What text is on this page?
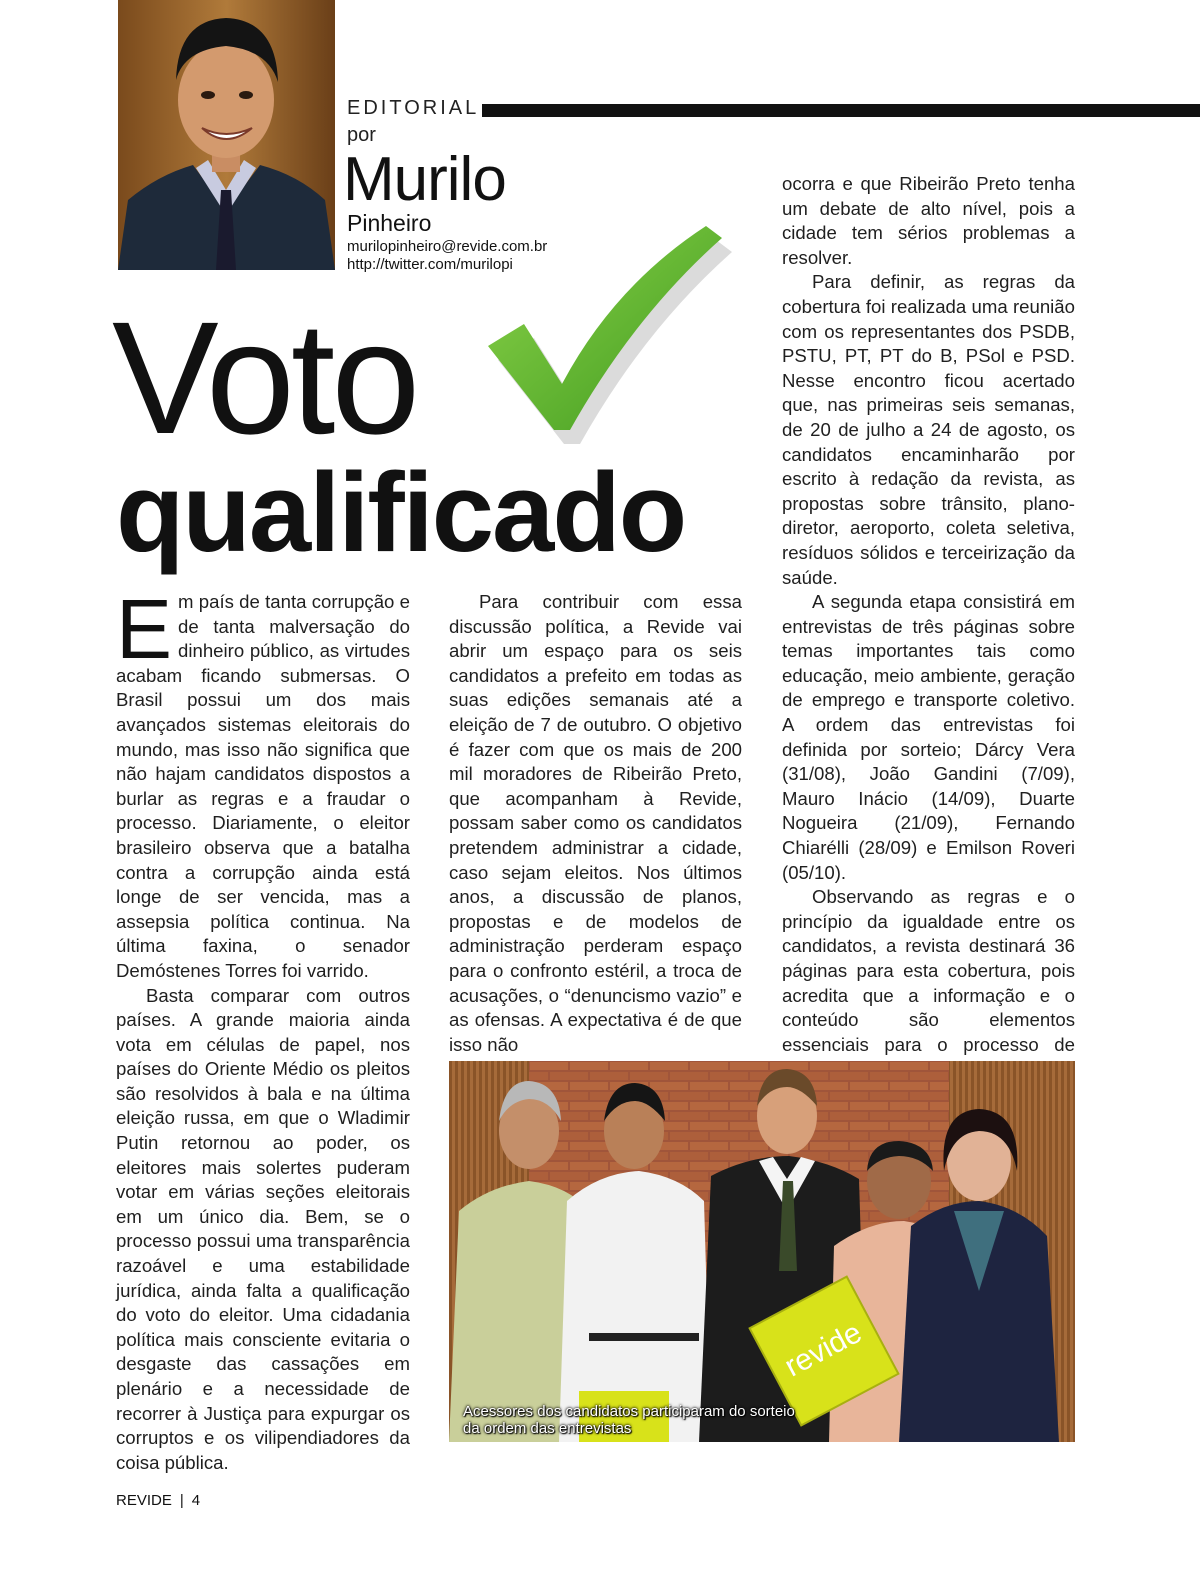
EDITORIAL
por
Murilo
Pinheiro
murilopinheiro@revide.com.br
http://twitter.com/murilopi
Voto
qualificado

Em país de tanta corrupção e de tanta malversação do dinheiro público, as virtudes acabam ficando submersas. O Brasil possui um dos mais avançados sistemas eleitorais do mundo, mas isso não significa que não hajam candidatos dispostos a burlar as regras e a fraudar o processo. Diariamente, o eleitor brasileiro observa que a batalha contra a corrupção ainda está longe de ser vencida, mas a assepsia política continua. Na última faxina, o senador Demóstenes Torres foi varrido.

Basta comparar com outros países. A grande maioria ainda vota em células de papel, nos países do Oriente Médio os pleitos são resolvidos à bala e na última eleição russa, em que o Wladimir Putin retornou ao poder, os eleitores mais solertes puderam votar em várias seções eleitorais em um único dia. Bem, se o processo possui uma transparência razoável e uma estabilidade jurídica, ainda falta a qualificação do voto do eleitor. Uma cidadania política mais consciente evitaria o desgaste das cassações em plenário e a necessidade de recorrer à Justiça para expurgar os corruptos e os vilipendiadores da coisa pública.

Para contribuir com essa discussão política, a Revide vai abrir um espaço para os seis candidatos a prefeito em todas as suas edições semanais até a eleição de 7 de outubro. O objetivo é fazer com que os mais de 200 mil moradores de Ribeirão Preto, que acompanham à Revide, possam saber como os candidatos pretendem administrar a cidade, caso sejam eleitos. Nos últimos anos, a discussão de planos, propostas e de modelos de administração perderam espaço para o confronto estéril, a troca de acusações, o “denuncismo vazio” e as ofensas. A expectativa é de que isso não

ocorra e que Ribeirão Preto tenha um debate de alto nível, pois a cidade tem sérios problemas a resolver.

Para definir, as regras da cobertura foi realizada uma reunião com os representantes dos PSDB, PSTU, PT, PT do B, PSol e PSD. Nesse encontro ficou acertado que, nas primeiras seis semanas, de 20 de julho a 24 de agosto, os candidatos encaminharão por escrito à redação da revista, as propostas sobre trânsito, plano-diretor, aeroporto, coleta seletiva, resíduos sólidos e terceirização da saúde.

A segunda etapa consistirá em entrevistas de três páginas sobre temas importantes tais como educação, meio ambiente, geração de emprego e transporte coletivo. A ordem das entrevistas foi definida por sorteio; Dárcy Vera (31/08), João Gandini (7/09), Mauro Inácio (14/09), Duarte Nogueira (21/09), Fernando Chiarélli (28/09) e Emilson Roveri (05/10).

Observando as regras e o princípio da igualdade entre os candidatos, a revista destinará 36 páginas para esta cobertura, pois acredita que a informação e o conteúdo são elementos essenciais para o processo de

revide
Acessores dos candidatos participaram do sorteio da ordem das entrevistas
REVIDE | 4
